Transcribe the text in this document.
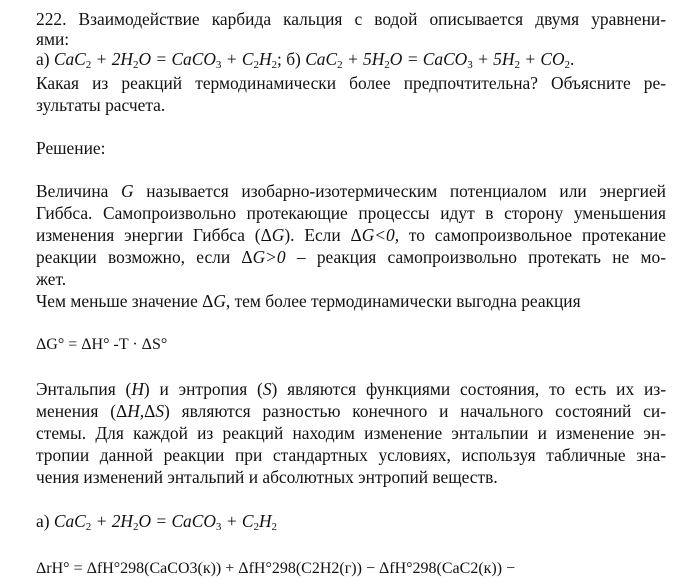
222. Взаимодействие карбида кальция с водой описывается двумя уравнени-
ями:
а) $CaC_2 + 2H_2O$ = CaCO$_3$ + $C_2H_2$; б) $CaC_2 + 5H_2O$ = CaCO$_3$ + $5H_2 + CO_2$.
Какая из реакций термодинамически более предпочтительна? Объясните ре-
зультаты расчета.
Решение:
Величина G называется изобарно-изотермическим потенциалом или энергией
Гиббса. Самопроизвольно протекающие процессы идут в сторону уменьшения
изменения энергии Гиббса (ΔG). Если ΔG<0, то самопроизвольное протекание
реакции возможно, если ΔG>0 – реакция самопроизвольно протекать не мо-
жет.
Чем меньше значение ΔG, тем более термодинамически выгодна реакция
ΔG° = ΔH° -T · ΔS°
Энтальпия (H) и энтропия (S) являются функциями состояния, то есть их из-
менения (ΔH,ΔS) являются разностью конечного и начального состояний си-
стемы. Для каждой из реакций находим изменение энтальпии и изменение эн-
тропии данной реакции при стандартных условиях, используя табличные зна-
чения изменений энтальпий и абсолютных энтропий веществ.
а) $CaC_2 + 2H_2O$ = CaCO$_3$ + $C_2H_2$
ΔrH° = ΔfH°298(CaCO3(к)) + ΔfH°298(C2H2(г)) − ΔfH°298(CaC2(к)) −
